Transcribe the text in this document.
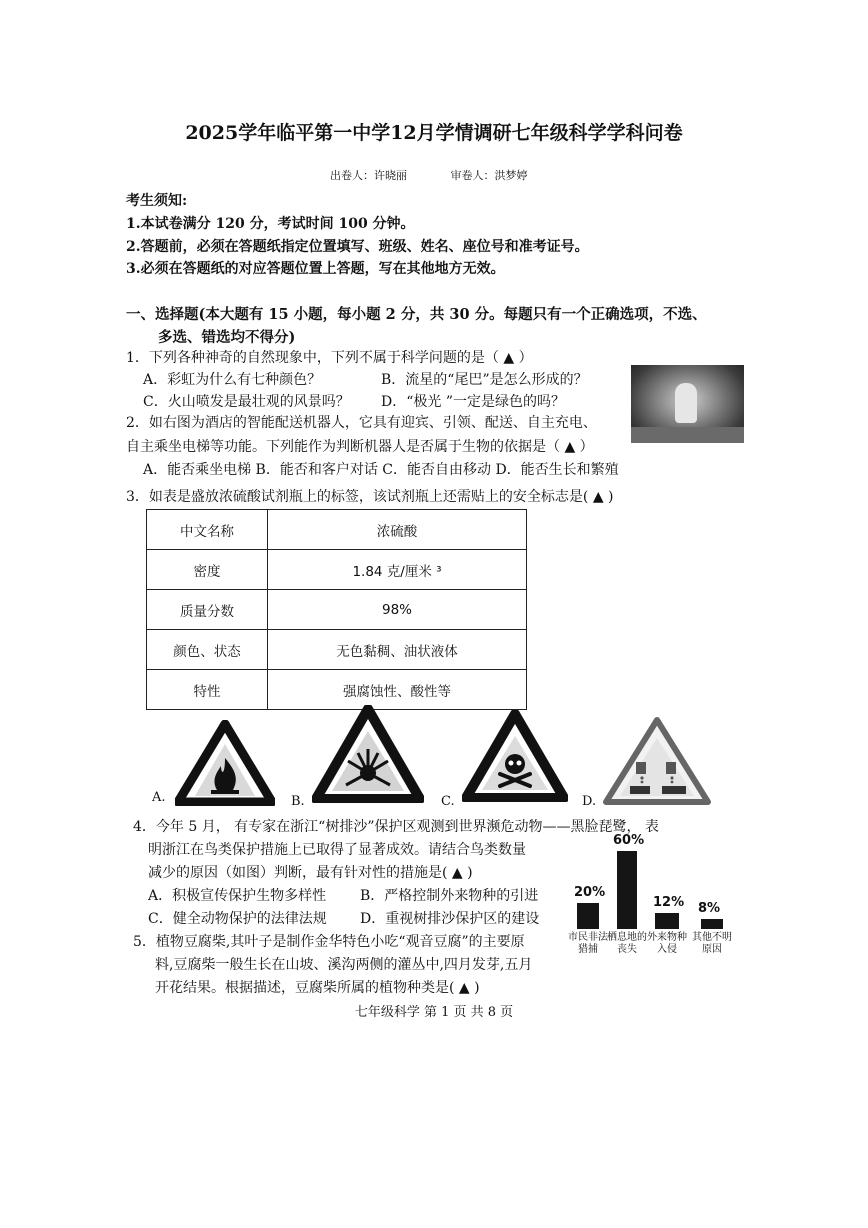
2025学年临平第一中学12月学情调研七年级科学学科问卷
出卷人：许晓丽	审卷人：洪梦婷
考生须知:
1.本试卷满分 120 分，考试时间 100 分钟。
2.答题前，必须在答题纸指定位置填写、班级、姓名、座位号和准考证号。
3.必须在答题纸的对应答题位置上答题，写在其他地方无效。
一、选择题(本大题有 15 小题，每小题 2 分，共 30 分。每题只有一个正确选项，不选、
多选、错选均不得分)
1．下列各种神奇的自然现象中，下列不属于科学问题的是（ ▲ ）
A．彩虹为什么有七种颜色？	B．流星的“尾巴”是怎么形成的？
C．火山喷发是最壮观的风景吗？ D．“极光 ”一定是绿色的吗？
2．如右图为酒店的智能配送机器人，它具有迎宾、引领、配送、自主充电、
自主乘坐电梯等功能。下列能作为判断机器人是否属于生物的依据是（ ▲ ）
A．能否乘坐电梯 B．能否和客户对话 C．能否自由移动 D．能否生长和繁殖
3．如表是盛放浓硫酸试剂瓶上的标签，该试剂瓶上还需贴上的安全标志是( ▲ )
中文名称	浓硫酸
密度	1.84 克/厘米 ³
质量分数	98%
颜色、状态	无色黏稠、油状液体
特性	强腐蚀性、酸性等
A.	B.	C.	D.
4．今年 5 月， 有专家在浙江“树排沙”保护区观测到世界濒危动物——黑脸琵鹭， 表
明浙江在鸟类保护措施上已取得了显著成效。请结合鸟类数量
减少的原因（如图）判断，最有针对性的措施是( ▲ )
A．积极宣传保护生物多样性 B．严格控制外来物种的引进
C．健全动物保护的法律法规 D．重视树排沙保护区的建设
20%
市民非法猎捕
60%
栖息地的丧失
12%
外来物种入侵
8%
其他不明原因
5．植物豆腐柴,其叶子是制作金华特色小吃“观音豆腐”的主要原
料,豆腐柴一般生长在山坡、溪沟两侧的灌丛中,四月发芽,五月
开花结果。根据描述，豆腐柴所属的植物种类是( ▲ )
七年级科学 第 1 页 共 8 页
